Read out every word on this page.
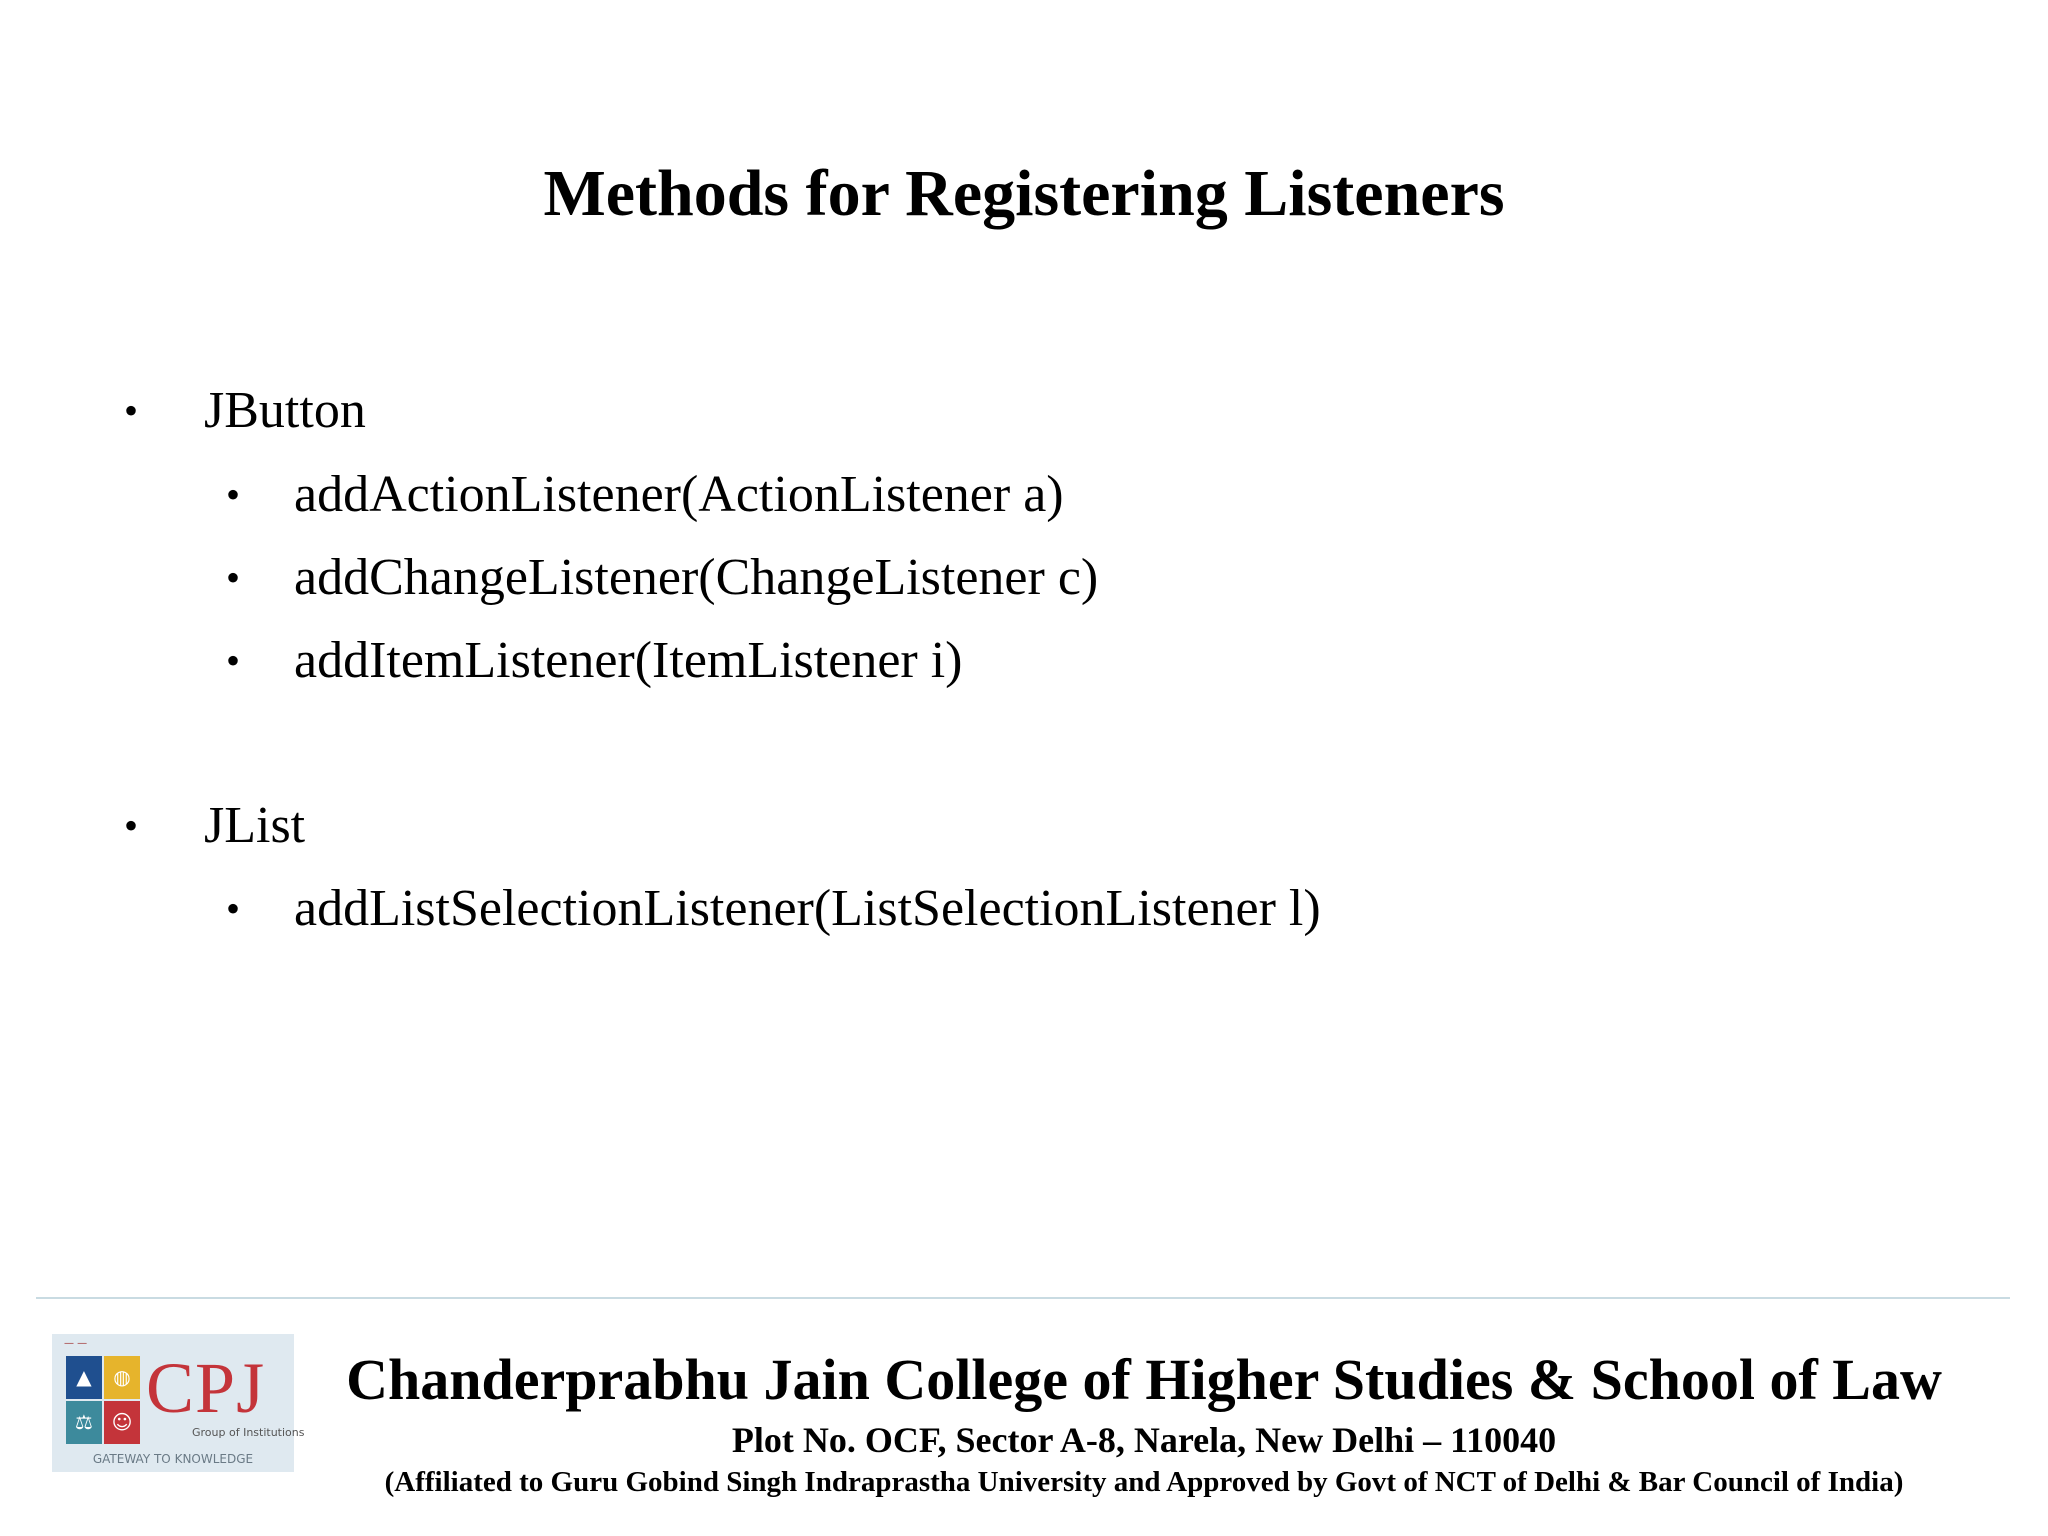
Methods for Registering Listeners
• JButton
• addActionListener(ActionListener a)
• addChangeListener(ChangeListener c)
• addItemListener(ItemListener i)
• JList
• addListSelectionListener(ListSelectionListener l)
— —
▲	◍
⚖ ☺ CPJ
Group of Institutions
GATEWAY TO KNOWLEDGE
Chanderprabhu Jain College of Higher Studies & School of Law
Plot No. OCF, Sector A-8, Narela, New Delhi – 110040
(Affiliated to Guru Gobind Singh Indraprastha University and Approved by Govt of NCT of Delhi & Bar Council of India)
